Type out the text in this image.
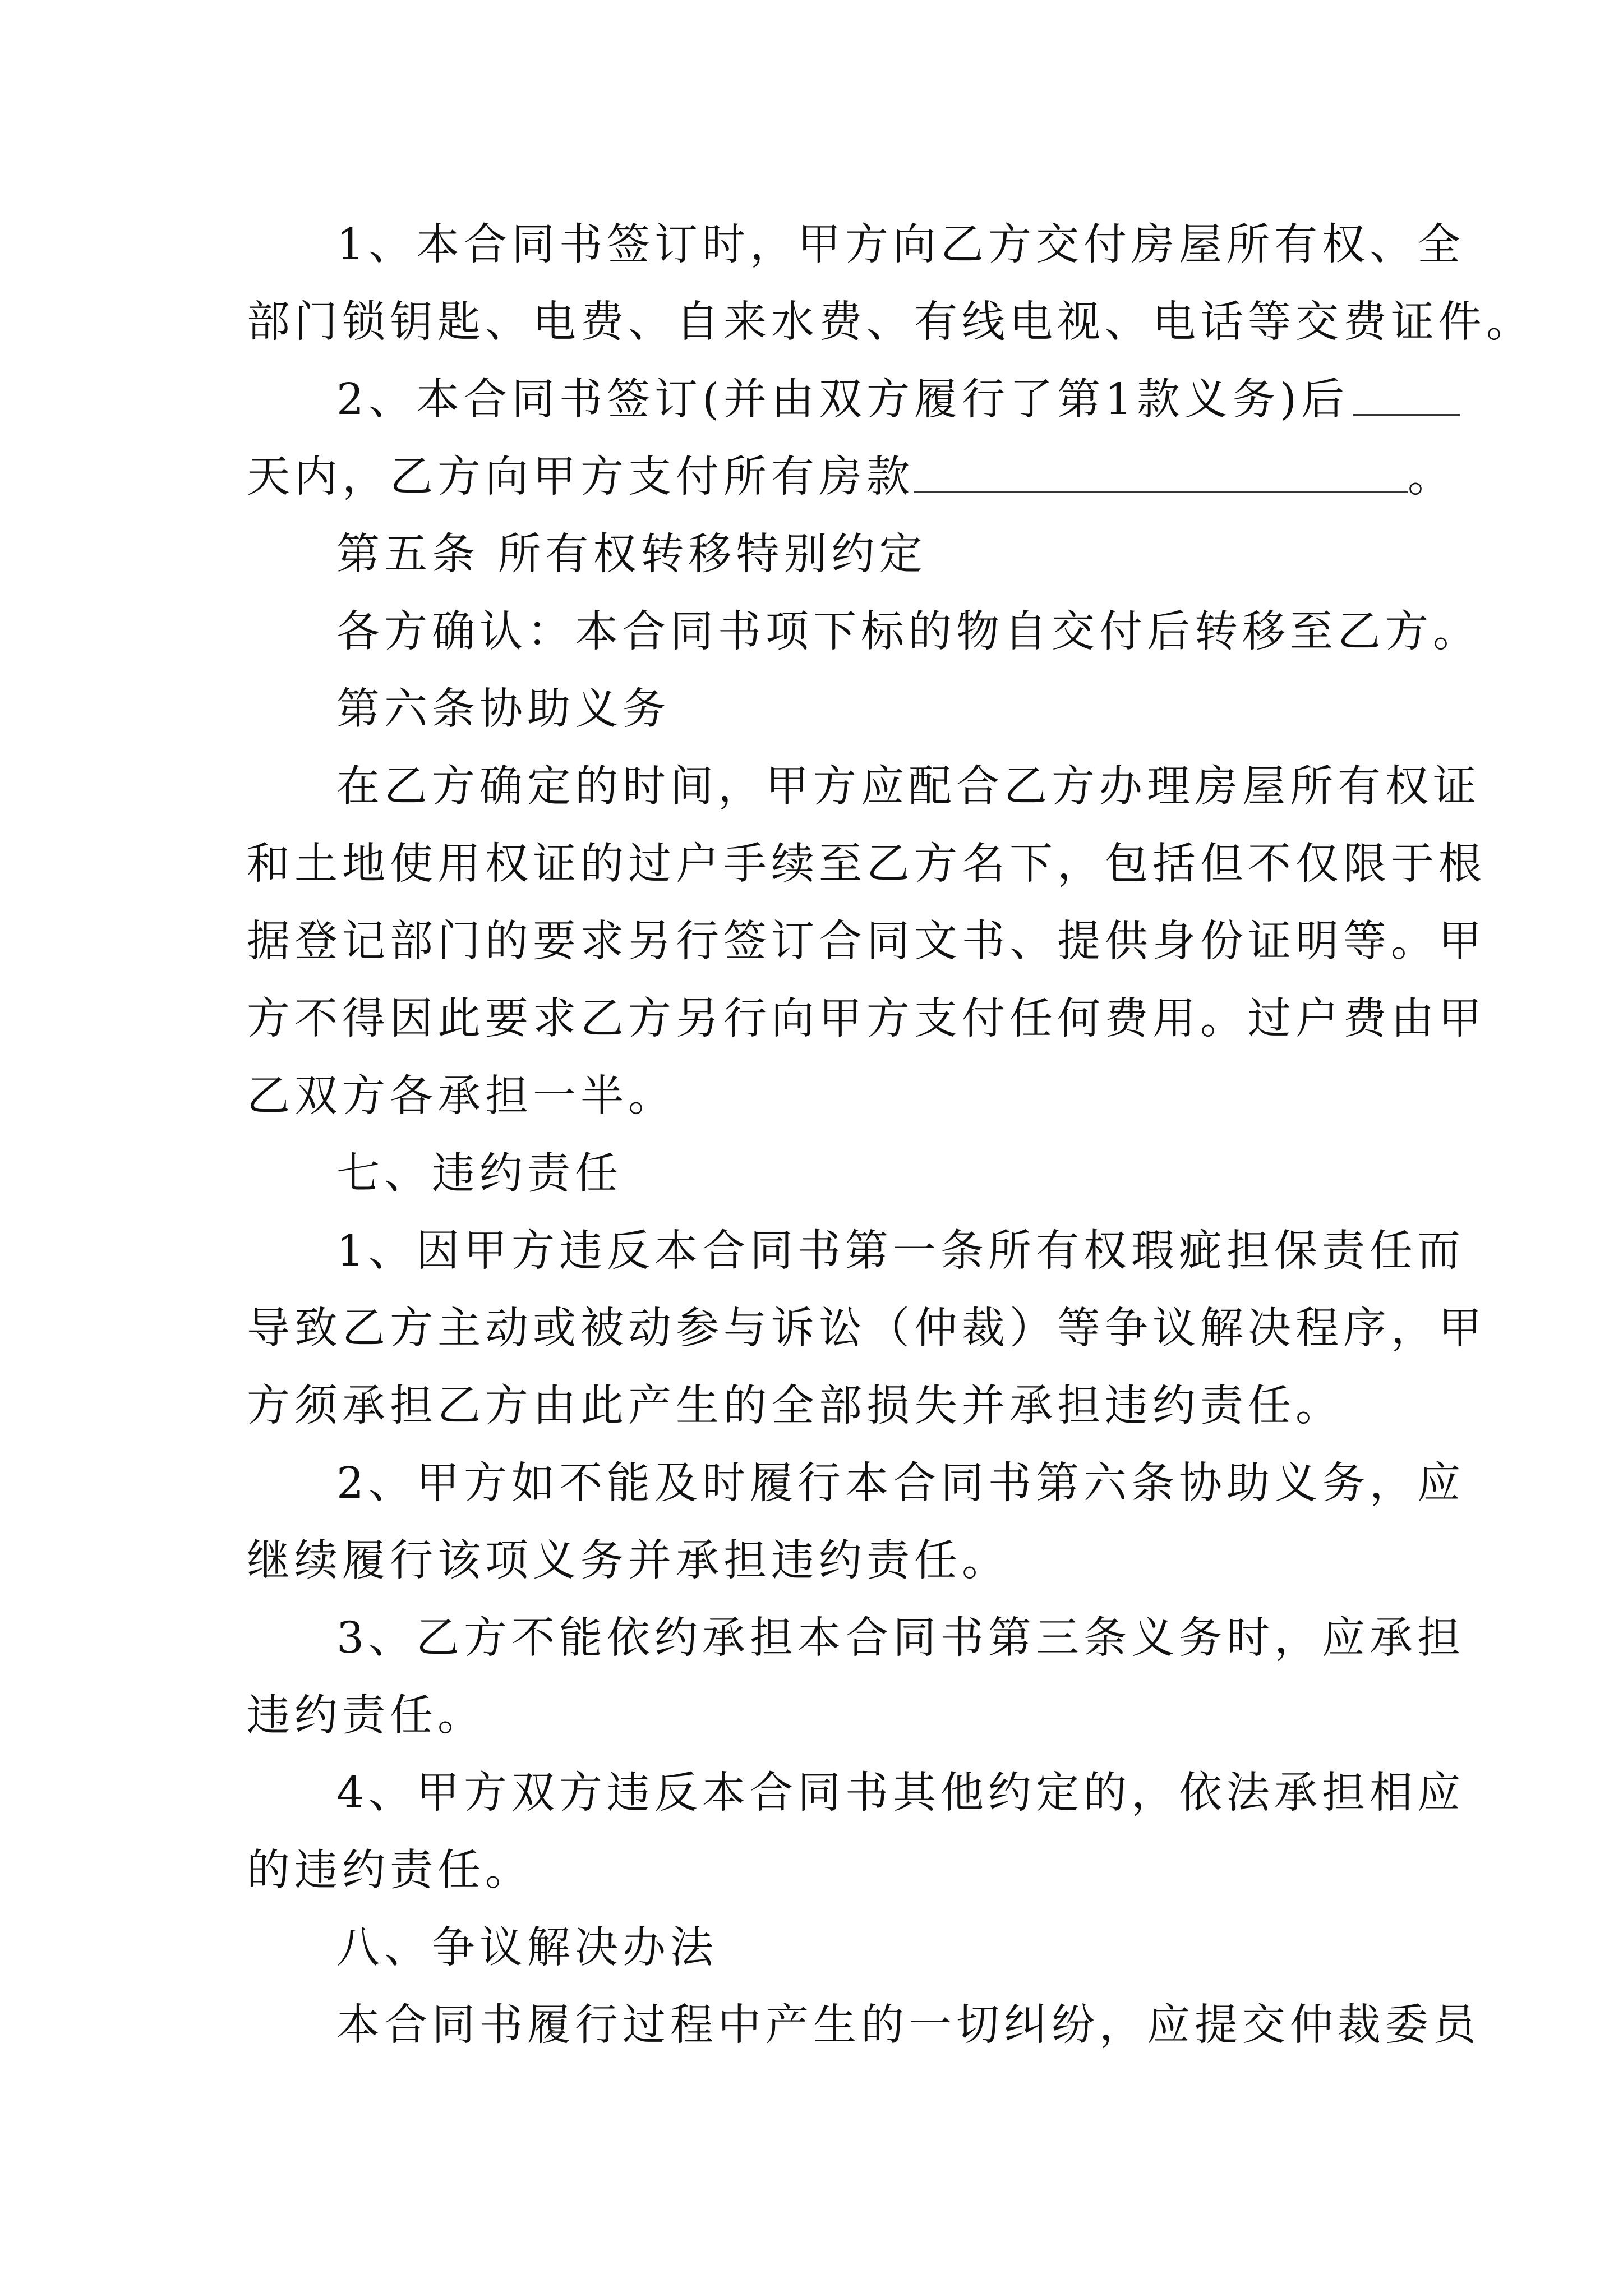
1、本合同书签订时，甲方向乙方交付房屋所有权、全
部门锁钥匙、电费、自来水费、有线电视、电话等交费证件。
2、本合同书签订(并由双方履行了第1款义务)后
天内，乙方向甲方支付所有房款	。
第五条 所有权转移特别约定
各方确认：本合同书项下标的物自交付后转移至乙方。
第六条协助义务
在乙方确定的时间，甲方应配合乙方办理房屋所有权证
和土地使用权证的过户手续至乙方名下，包括但不仅限于根
据登记部门的要求另行签订合同文书、提供身份证明等。甲
方不得因此要求乙方另行向甲方支付任何费用。过户费由甲
乙双方各承担一半。
七、违约责任
1、因甲方违反本合同书第一条所有权瑕疵担保责任而
导致乙方主动或被动参与诉讼（仲裁）等争议解决程序，甲
方须承担乙方由此产生的全部损失并承担违约责任。
2、甲方如不能及时履行本合同书第六条协助义务，应
继续履行该项义务并承担违约责任。
3、乙方不能依约承担本合同书第三条义务时，应承担
违约责任。
4、甲方双方违反本合同书其他约定的，依法承担相应
的违约责任。
八、争议解决办法
本合同书履行过程中产生的一切纠纷，应提交仲裁委员
